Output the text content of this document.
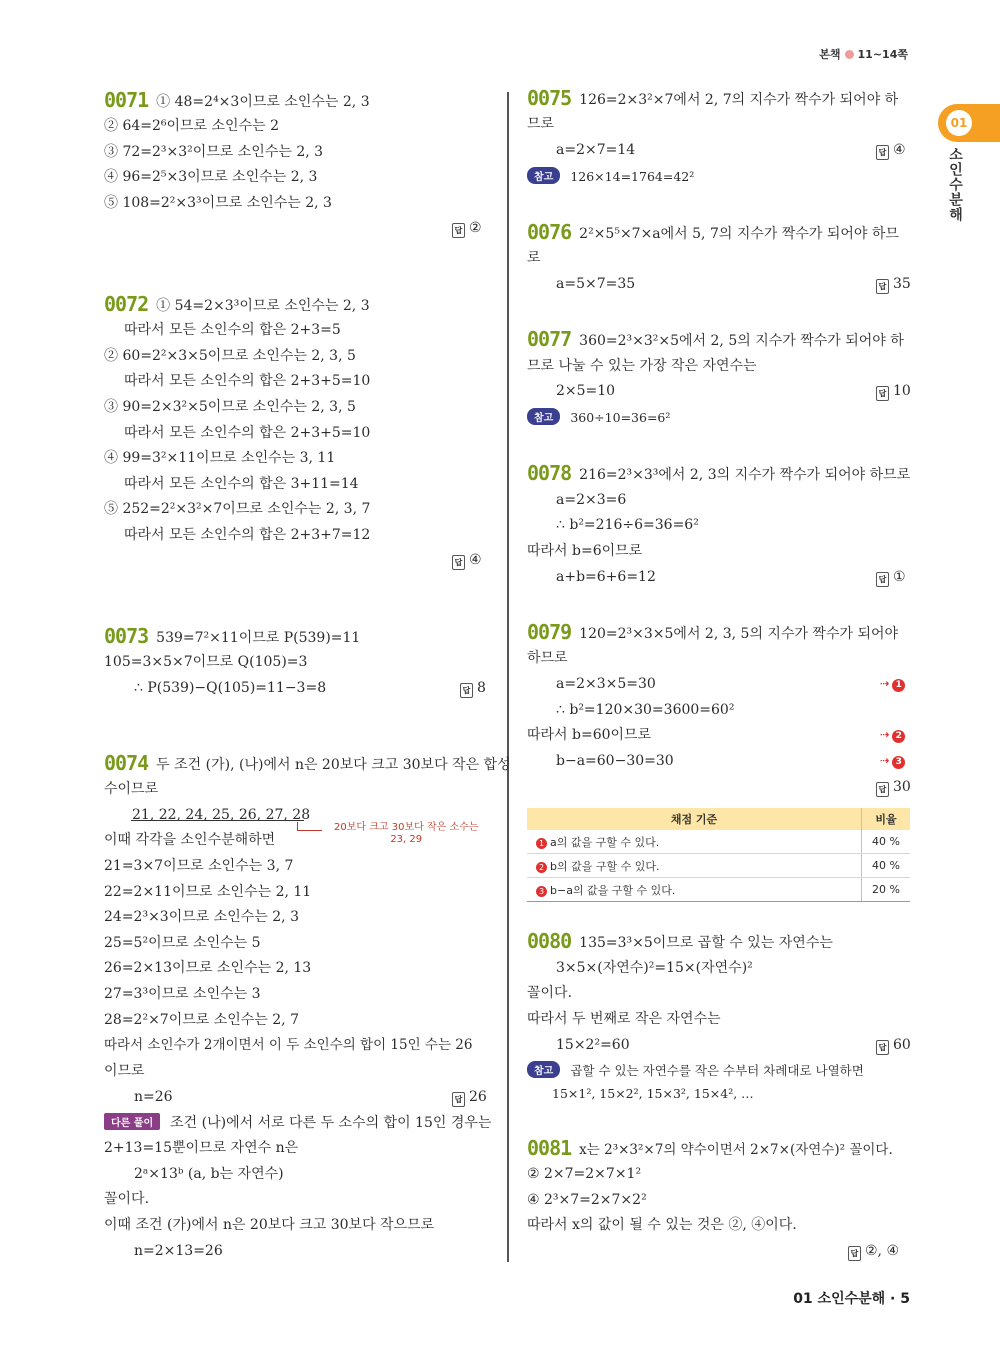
본책 11~14쪽
01
소인수분해
0071 ① 48=2⁴×3이므로 소인수는 2, 3
② 64=2⁶이므로 소인수는 2
③ 72=2³×3²이므로 소인수는 2, 3
④ 96=2⁵×3이므로 소인수는 2, 3
⑤ 108=2²×3³이므로 소인수는 2, 3
답 ②
0072 ① 54=2×3³이므로 소인수는 2, 3
따라서 모든 소인수의 합은 2+3=5
② 60=2²×3×5이므로 소인수는 2, 3, 5
따라서 모든 소인수의 합은 2+3+5=10
③ 90=2×3²×5이므로 소인수는 2, 3, 5
따라서 모든 소인수의 합은 2+3+5=10
④ 99=3²×11이므로 소인수는 3, 11
따라서 모든 소인수의 합은 3+11=14
⑤ 252=2²×3²×7이므로 소인수는 2, 3, 7
따라서 모든 소인수의 합은 2+3+7=12
답 ④
0073 539=7²×11이므로 P(539)=11
105=3×5×7이므로 Q(105)=3
∴ P(539)−Q(105)=11−3=8	답 8
0074 두 조건 (가), (나)에서 n은 20보다 크고 30보다 작은 합성
수이므로
21, 22, 24, 25, 26, 27, 28
20보다 크고 30보다 작은 소수는
23, 29
이때 각각을 소인수분해하면
21=3×7이므로 소인수는 3, 7
22=2×11이므로 소인수는 2, 11
24=2³×3이므로 소인수는 2, 3
25=5²이므로 소인수는 5
26=2×13이므로 소인수는 2, 13
27=3³이므로 소인수는 3
28=2²×7이므로 소인수는 2, 7
따라서 소인수가 2개이면서 이 두 소인수의 합이 15인 수는 26
이므로
n=26	답 26
다른 풀이 조건 (나)에서 서로 다른 두 소수의 합이 15인 경우는
2+13=15뿐이므로 자연수 n은
2ᵃ×13ᵇ (a, b는 자연수)
꼴이다.
이때 조건 (가)에서 n은 20보다 크고 30보다 작으므로
n=2×13=26
0075 126=2×3²×7에서 2, 7의 지수가 짝수가 되어야 하
므로
a=2×7=14	답 ④
참고 126×14=1764=42²
0076 2²×5⁵×7×a에서 5, 7의 지수가 짝수가 되어야 하므
로
a=5×7=35	답 35
0077 360=2³×3²×5에서 2, 5의 지수가 짝수가 되어야 하
므로 나눌 수 있는 가장 작은 자연수는
2×5=10	답 10
참고 360÷10=36=6²
0078 216=2³×3³에서 2, 3의 지수가 짝수가 되어야 하므로
a=2×3=6
∴ b²=216÷6=36=6²
따라서 b=6이므로
a+b=6+6=12	답 ①
0079 120=2³×3×5에서 2, 3, 5의 지수가 짝수가 되어야
하므로
a=2×3×5=30	⇢ 1
∴ b²=120×30=3600=60²
따라서 b=60이므로	⇢ 2
b−a=60−30=30	⇢ 3
답 30
채점 기준	비율
1 a의 값을 구할 수 있다.	40 %
2 b의 값을 구할 수 있다.	40 %
3 b−a의 값을 구할 수 있다.	20 %
0080 135=3³×5이므로 곱할 수 있는 자연수는
3×5×(자연수)²=15×(자연수)²
꼴이다.
따라서 두 번째로 작은 자연수는
15×2²=60	답 60
참고 곱할 수 있는 자연수를 작은 수부터 차례대로 나열하면
15×1², 15×2², 15×3², 15×4², …
0081 x는 2³×3²×7의 약수이면서 2×7×(자연수)² 꼴이다.
② 2×7=2×7×1²
④ 2³×7=2×7×2²
따라서 x의 값이 될 수 있는 것은 ②, ④이다.
답 ②, ④
01 소인수분해 · 5
